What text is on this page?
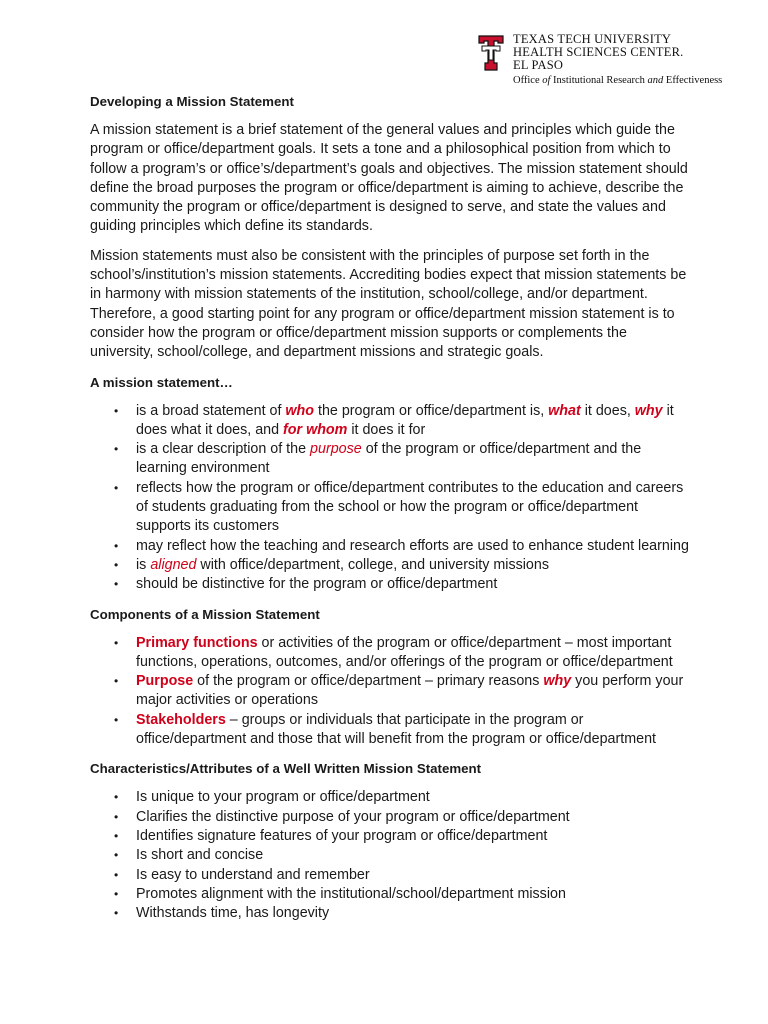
TEXAS TECH UNIVERSITY
HEALTH SCIENCES CENTER.
EL PASO
Office of Institutional Research and Effectiveness
Developing a Mission Statement

A mission statement is a brief statement of the general values and principles which guide the program or office/department goals. It sets a tone and a philosophical position from which to follow a program’s or office’s/department’s goals and objectives. The mission statement should define the broad purposes the program or office/department is aiming to achieve, describe the community the program or office/department is designed to serve, and state the values and guiding principles which define its standards.

Mission statements must also be consistent with the principles of purpose set forth in the school’s/institution’s mission statements. Accrediting bodies expect that mission statements be in harmony with mission statements of the institution, school/college, and/or department. Therefore, a good starting point for any program or office/department mission statement is to consider how the program or office/department mission supports or complements the university, school/college, and department missions and strategic goals.

A mission statement…
• is a broad statement of who the program or office/department is, what it does, why it does what it does, and for whom it does it for
• is a clear description of the purpose of the program or office/department and the learning environment
• reflects how the program or office/department contributes to the education and careers of students graduating from the school or how the program or office/department supports its customers
• may reflect how the teaching and research efforts are used to enhance student learning
• is aligned with office/department, college, and university missions
• should be distinctive for the program or office/department
Components of a Mission Statement
• Primary functions or activities of the program or office/department – most important functions, operations, outcomes, and/or offerings of the program or office/department
• Purpose of the program or office/department – primary reasons why you perform your major activities or operations
• Stakeholders – groups or individuals that participate in the program or office/department and those that will benefit from the program or office/department
Characteristics/Attributes of a Well Written Mission Statement
• Is unique to your program or office/department
• Clarifies the distinctive purpose of your program or office/department
• Identifies signature features of your program or office/department
• Is short and concise
• Is easy to understand and remember
• Promotes alignment with the institutional/school/department mission
• Withstands time, has longevity
